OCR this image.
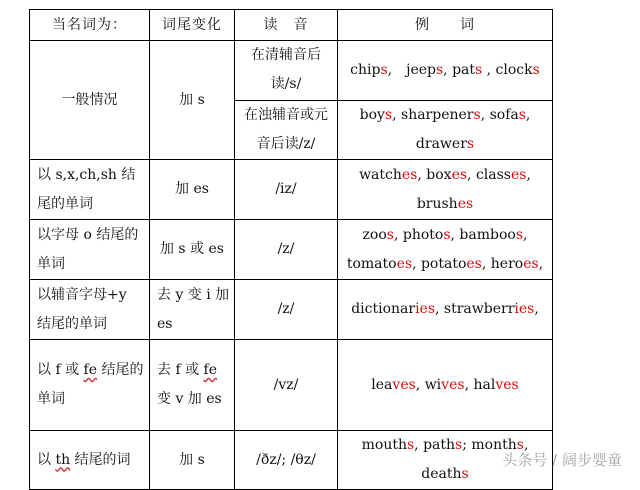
当名词为：	词尾变化	读　音	例　　词
一般情况	加 s	在清辅音后读/s/	chips,　jeeps, pats , clocks
		在浊辅音或元音后读/z/	boys, sharpeners, sofas, drawers
以 s,x,ch,sh 结尾的单词	加 es	/iz/	watches, boxes, classes, brushes
以字母 o 结尾的单词	加 s 或 es	/z/	zoos, photos, bamboos, tomatoes, potatoes, heroes,
以辅音字母+y 结尾的单词	去 y 变 i 加 es	/z/	dictionaries, strawberries,
以 f 或 fe 结尾的单词	去 f 或 fe 变 v 加 es	/vz/	leaves, wives, halves
以 th 结尾的词	加 s	/ðz/; /θz/	mouths, paths; months, deaths
头条号 / 阔步婴童
